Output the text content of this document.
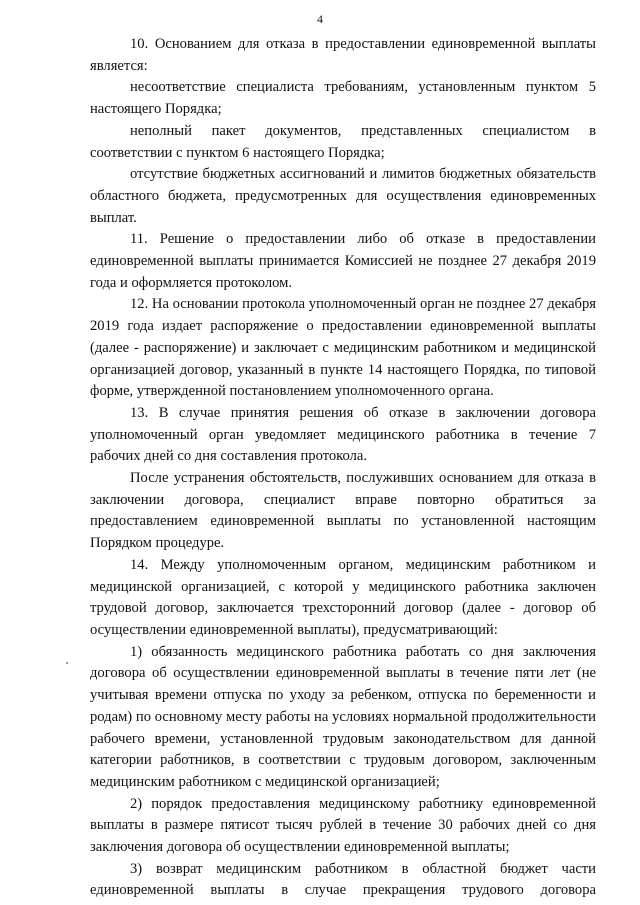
4

10. Основанием для отказа в предоставлении единовременной выплаты является:

несоответствие специалиста требованиям, установленным пунктом 5 настоящего Порядка;

неполный пакет документов, представленных специалистом в соответствии с пунктом 6 настоящего Порядка;

отсутствие бюджетных ассигнований и лимитов бюджетных обязательств областного бюджета, предусмотренных для осуществления единовременных выплат.

11. Решение о предоставлении либо об отказе в предоставлении единовременной выплаты принимается Комиссией не позднее 27 декабря 2019 года и оформляется протоколом.

12. На основании протокола уполномоченный орган не позднее 27 декабря 2019 года издает распоряжение о предоставлении единовременной выплаты (далее - распоряжение) и заключает с медицинским работником и медицинской организацией договор, указанный в пункте 14 настоящего Порядка, по типовой форме, утвержденной постановлением уполномоченного органа.

13. В случае принятия решения об отказе в заключении договора уполномоченный орган уведомляет медицинского работника в течение 7 рабочих дней со дня составления протокола.

После устранения обстоятельств, послуживших основанием для отказа в заключении договора, специалист вправе повторно обратиться за предоставлением единовременной выплаты по установленной настоящим Порядком процедуре.

14. Между уполномоченным органом, медицинским работником и медицинской организацией, с которой у медицинского работника заключен трудовой договор, заключается трехсторонний договор (далее - договор об осуществлении единовременной выплаты), предусматривающий:

1) обязанность медицинского работника работать со дня заключения договора об осуществлении единовременной выплаты в течение пяти лет (не учитывая времени отпуска по уходу за ребенком, отпуска по беременности и родам) по основному месту работы на условиях нормальной продолжительности рабочего времени, установленной трудовым законодательством для данной категории работников, в соответствии с трудовым договором, заключенным медицинским работником с медицинской организацией;

2) порядок предоставления медицинскому работнику единовременной выплаты в размере пятисот тысяч рублей в течение 30 рабочих дней со дня заключения договора об осуществлении единовременной выплаты;

3) возврат медицинским работником в областной бюджет части единовременной выплаты в случае прекращения трудового договора
